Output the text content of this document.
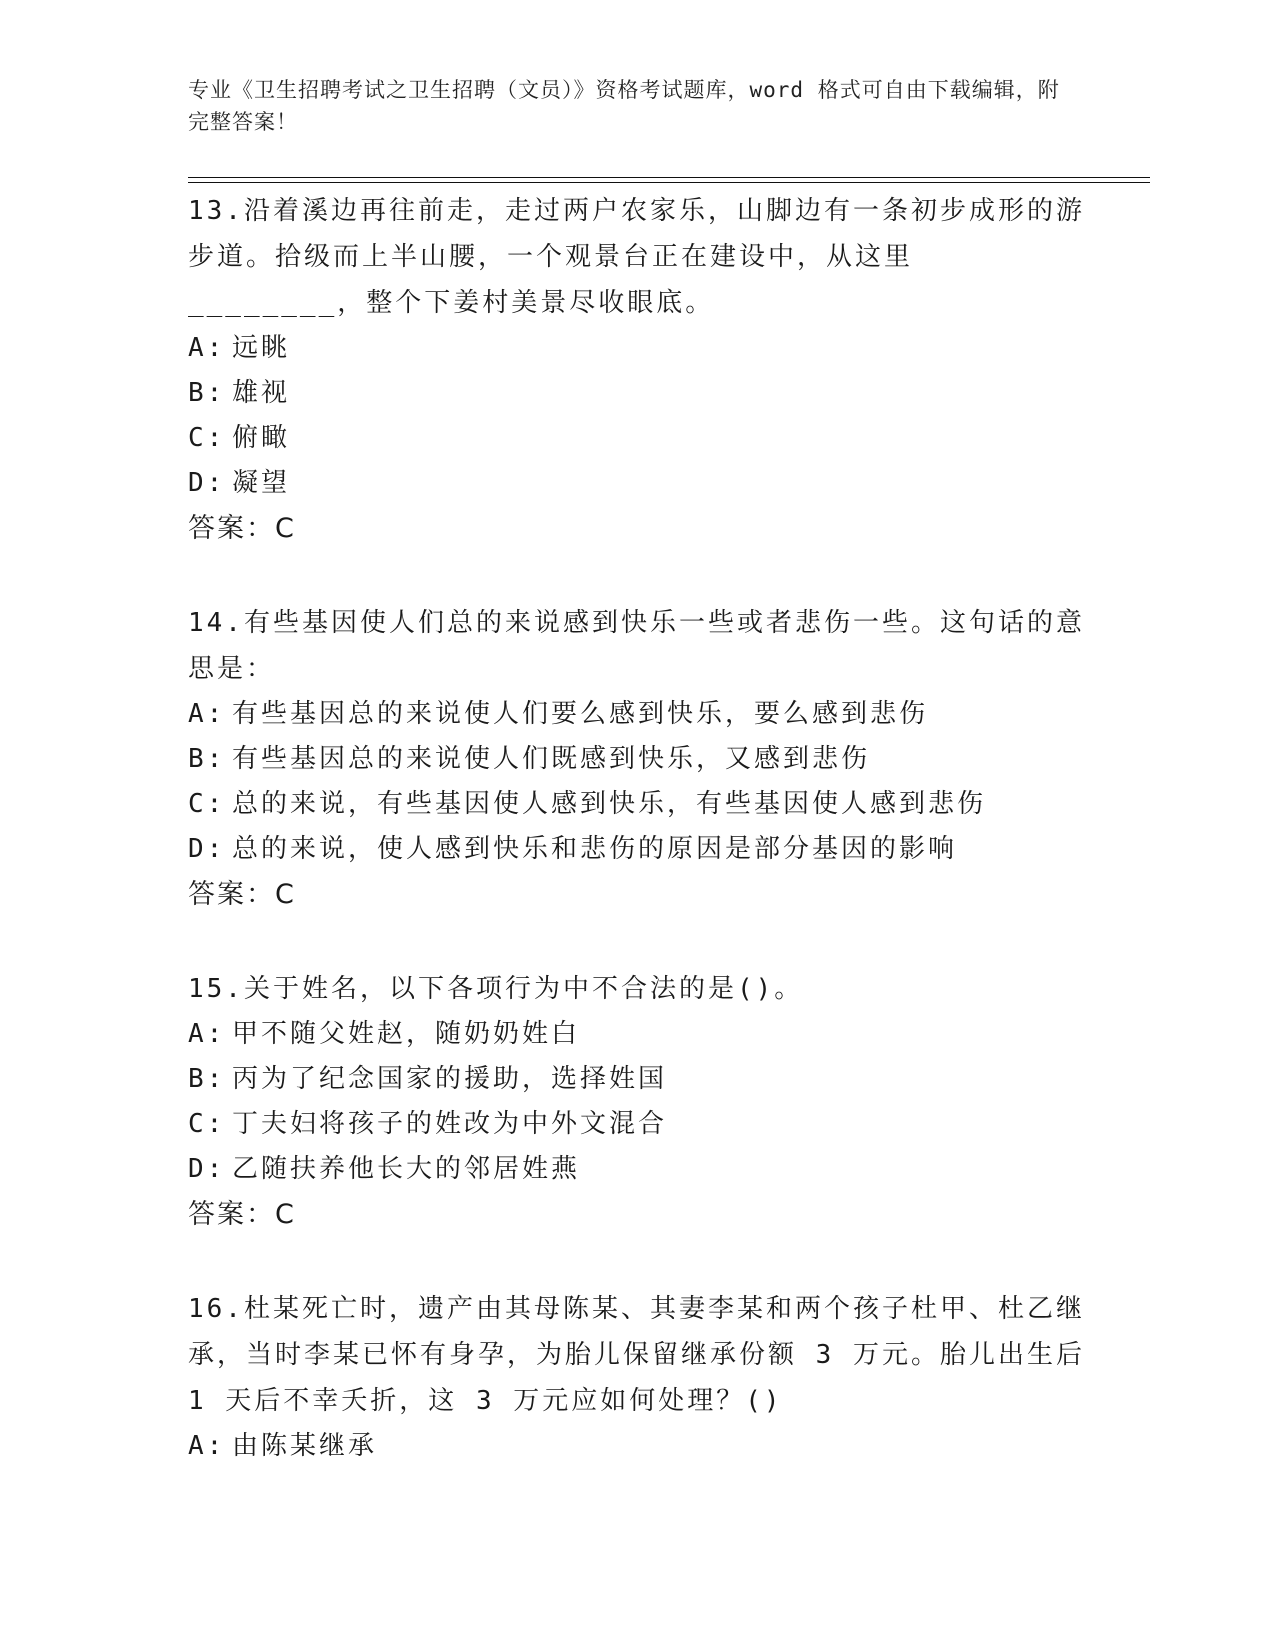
专业《卫生招聘考试之卫生招聘（文员）》资格考试题库，word 格式可自由下载编辑，附完整答案！

13.沿着溪边再往前走，走过两户农家乐，山脚边有一条初步成形的游步道。拾级而上半山腰，一个观景台正在建设中，从这里________，整个下姜村美景尽收眼底。

A: 远眺
B: 雄视
C: 俯瞰
D: 凝望
答案：C

14.有些基因使人们总的来说感到快乐一些或者悲伤一些。这句话的意思是：

A: 有些基因总的来说使人们要么感到快乐，要么感到悲伤
B: 有些基因总的来说使人们既感到快乐，又感到悲伤
C: 总的来说，有些基因使人感到快乐，有些基因使人感到悲伤
D: 总的来说，使人感到快乐和悲伤的原因是部分基因的影响
答案：C

15.关于姓名，以下各项行为中不合法的是()。

A: 甲不随父姓赵，随奶奶姓白
B: 丙为了纪念国家的援助，选择姓国
C: 丁夫妇将孩子的姓改为中外文混合
D: 乙随扶养他长大的邻居姓燕
答案：C

16.杜某死亡时，遗产由其母陈某、其妻李某和两个孩子杜甲、杜乙继承，当时李某已怀有身孕，为胎儿保留继承份额 3 万元。胎儿出生后 1 天后不幸夭折，这 3 万元应如何处理？()

A: 由陈某继承
